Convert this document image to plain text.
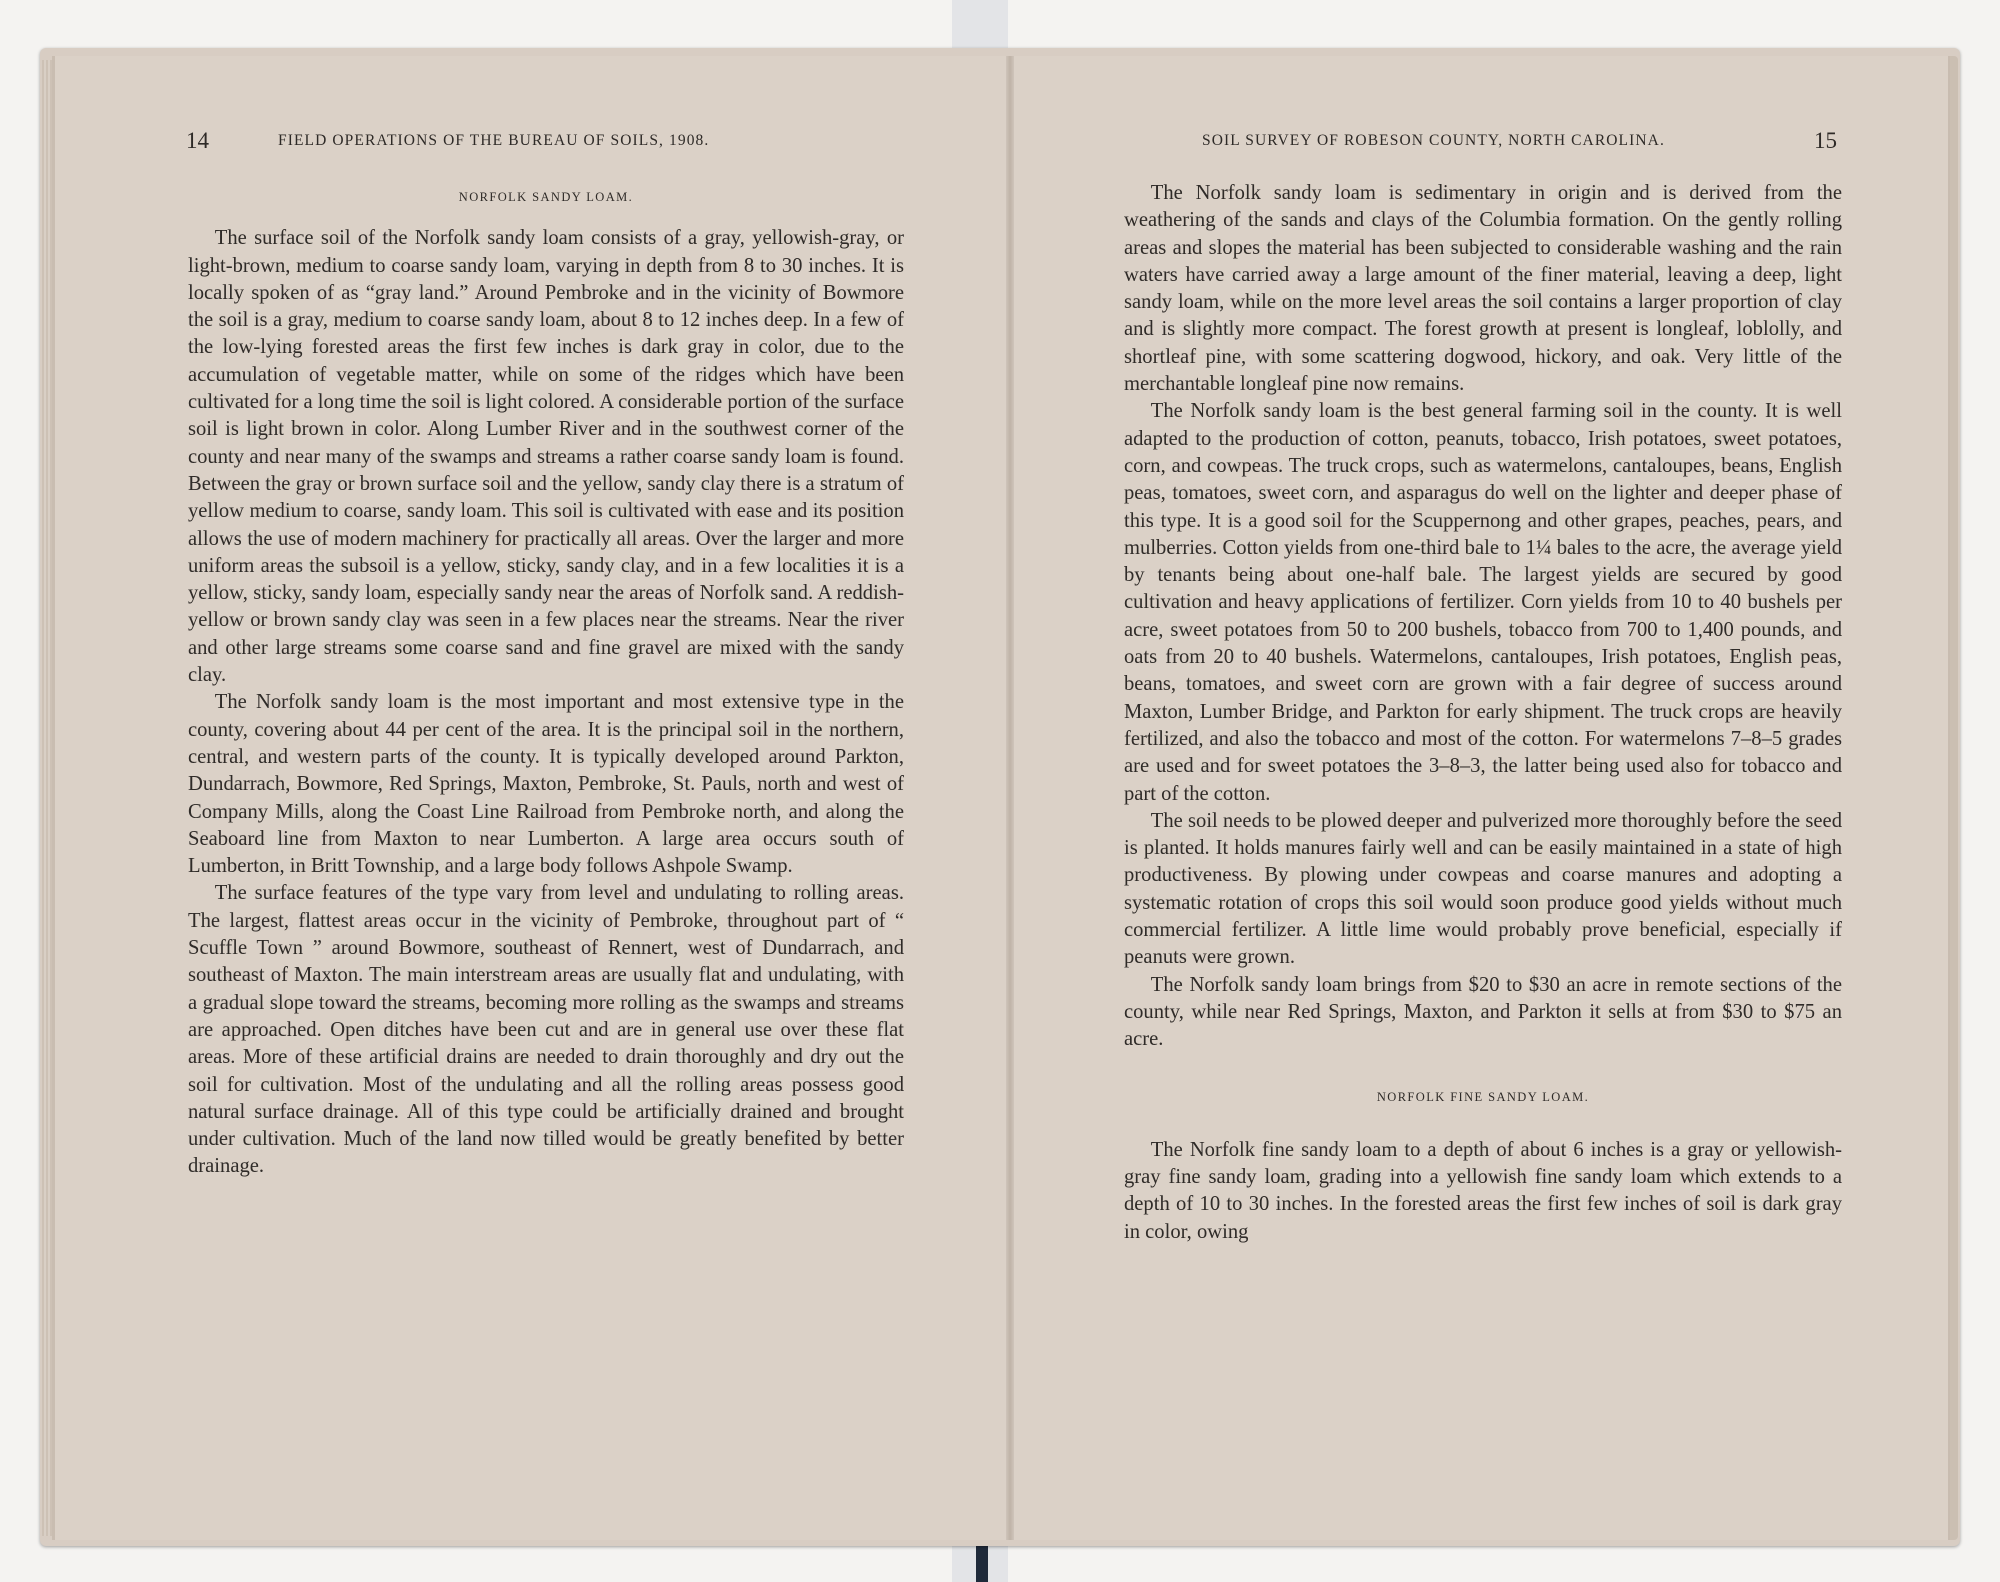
14	FIELD OPERATIONS OF THE BUREAU OF SOILS, 1908.	SOIL SURVEY OF ROBESON COUNTY, NORTH CAROLINA.	15

NORFOLK SANDY LOAM.

The surface soil of the Norfolk sandy loam consists of a gray, yellowish-gray, or light-brown, medium to coarse sandy loam, varying in depth from 8 to 30 inches. It is locally spoken of as “gray land.” Around Pembroke and in the vicinity of Bowmore the soil is a gray, medium to coarse sandy loam, about 8 to 12 inches deep. In a few of the low-lying forested areas the first few inches is dark gray in color, due to the accumulation of vegetable matter, while on some of the ridges which have been cultivated for a long time the soil is light colored. A considerable portion of the surface soil is light brown in color. Along Lumber River and in the southwest corner of the county and near many of the swamps and streams a rather coarse sandy loam is found. Between the gray or brown surface soil and the yellow, sandy clay there is a stratum of yellow medium to coarse, sandy loam. This soil is cultivated with ease and its position allows the use of modern machinery for practically all areas. Over the larger and more uniform areas the subsoil is a yellow, sticky, sandy clay, and in a few localities it is a yellow, sticky, sandy loam, especially sandy near the areas of Norfolk sand. A reddish-yellow or brown sandy clay was seen in a few places near the streams. Near the river and other large streams some coarse sand and fine gravel are mixed with the sandy clay.

The Norfolk sandy loam is the most important and most extensive type in the county, covering about 44 per cent of the area. It is the principal soil in the northern, central, and western parts of the county. It is typically developed around Parkton, Dundarrach, Bowmore, Red Springs, Maxton, Pembroke, St. Pauls, north and west of Company Mills, along the Coast Line Railroad from Pembroke north, and along the Seaboard line from Maxton to near Lumberton. A large area occurs south of Lumberton, in Britt Township, and a large body follows Ashpole Swamp.

The surface features of the type vary from level and undulating to rolling areas. The largest, flattest areas occur in the vicinity of Pembroke, throughout part of “ Scuffle Town ” around Bowmore, southeast of Rennert, west of Dundarrach, and southeast of Maxton. The main interstream areas are usually flat and undulating, with a gradual slope toward the streams, becoming more rolling as the swamps and streams are approached. Open ditches have been cut and are in general use over these flat areas. More of these artificial drains are needed to drain thoroughly and dry out the soil for cultivation. Most of the undulating and all the rolling areas possess good natural surface drainage. All of this type could be artificially drained and brought under cultivation. Much of the land now tilled would be greatly benefited by better drainage.

The Norfolk sandy loam is sedimentary in origin and is derived from the weathering of the sands and clays of the Columbia formation. On the gently rolling areas and slopes the material has been subjected to considerable washing and the rain waters have carried away a large amount of the finer material, leaving a deep, light sandy loam, while on the more level areas the soil contains a larger proportion of clay and is slightly more compact. The forest growth at present is longleaf, loblolly, and shortleaf pine, with some scattering dogwood, hickory, and oak. Very little of the merchantable longleaf pine now remains.

The Norfolk sandy loam is the best general farming soil in the county. It is well adapted to the production of cotton, peanuts, tobacco, Irish potatoes, sweet potatoes, corn, and cowpeas. The truck crops, such as watermelons, cantaloupes, beans, English peas, tomatoes, sweet corn, and asparagus do well on the lighter and deeper phase of this type. It is a good soil for the Scuppernong and other grapes, peaches, pears, and mulberries. Cotton yields from one-third bale to 1¼ bales to the acre, the average yield by tenants being about one-half bale. The largest yields are secured by good cultivation and heavy applications of fertilizer. Corn yields from 10 to 40 bushels per acre, sweet potatoes from 50 to 200 bushels, tobacco from 700 to 1,400 pounds, and oats from 20 to 40 bushels. Watermelons, cantaloupes, Irish potatoes, English peas, beans, tomatoes, and sweet corn are grown with a fair degree of success around Maxton, Lumber Bridge, and Parkton for early shipment. The truck crops are heavily fertilized, and also the tobacco and most of the cotton. For watermelons 7–8–5 grades are used and for sweet potatoes the 3–8–3, the latter being used also for tobacco and part of the cotton.

The soil needs to be plowed deeper and pulverized more thoroughly before the seed is planted. It holds manures fairly well and can be easily maintained in a state of high productiveness. By plowing under cowpeas and coarse manures and adopting a systematic rotation of crops this soil would soon produce good yields without much commercial fertilizer. A little lime would probably prove beneficial, especially if peanuts were grown.

The Norfolk sandy loam brings from $20 to $30 an acre in remote sections of the county, while near Red Springs, Maxton, and Parkton it sells at from $30 to $75 an acre.

NORFOLK FINE SANDY LOAM.

The Norfolk fine sandy loam to a depth of about 6 inches is a gray or yellowish-gray fine sandy loam, grading into a yellowish fine sandy loam which extends to a depth of 10 to 30 inches. In the forested areas the first few inches of soil is dark gray in color, owing
